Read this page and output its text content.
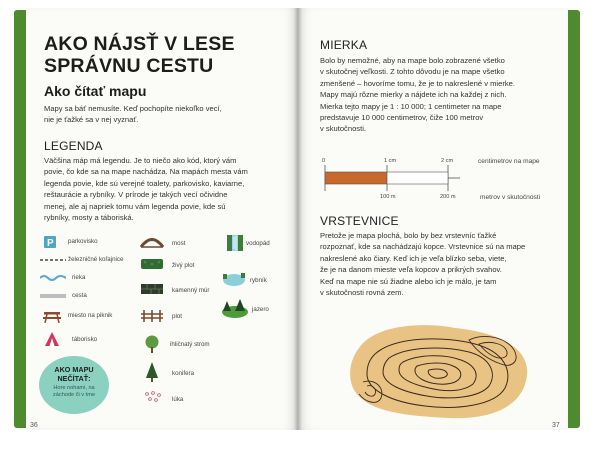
AKO NÁJSŤ V LESE
SPRÁVNU CESTU
Ako čítať mapu
Mapy sa báť nemusíte. Keď pochopíte niekoľko vecí,
nie je ťažké sa v nej vyznať.
LEGENDA
Väčšina máp má legendu. Je to niečo ako kód, ktorý vám
povie, čo kde sa na mape nachádza. Na mapách mesta vám
legenda povie, kde sú verejné toalety, parkovisko, kaviarne,
reštaurácie a rybníky. V prírode je takých vecí očividne
menej, ale aj napriek tomu vám legenda povie, kde sú
rybníky, mosty a táboriská.
P parkovisko
železničné koľajnice
rieka
cesta
miesto na piknik
táborisko
most
živý plot
kamenný múr
plot
ihličnatý strom
konifera
lúka
vodopád
rybník
jazero
AKO MAPU NEČÍTAŤ:
Hore nohami, na záchode či v tme
36
MIERKA
Bolo by nemožné, aby na mape bolo zobrazené všetko
v skutočnej veľkosti. Z tohto dôvodu je na mape všetko
zmenšené – hovoríme tomu, že je to nakreslené v mierke.
Mapy majú rôzne mierky a nájdete ich na každej z nich.
Mierka tejto mapy je 1 : 10 000; 1 centimeter na mape
predstavuje 10 000 centimetrov, čiže 100 metrov
v skutočnosti.
0	1 cm	2 cm	centimetrov na mape
100 m	200 m	metrov v skutočnosti
VRSTEVNICE
Pretože je mapa plochá, bolo by bez vrstevníc ťažké
rozpoznať, kde sa nachádzajú kopce. Vrstevnice sú na mape
nakreslené ako čiary. Keď ich je veľa blízko seba, viete,
že je na danom mieste veľa kopcov a prikrých svahov.
Keď na mape nie sú žiadne alebo ich je málo, je tam
v skutočnosti rovná zem.
37
